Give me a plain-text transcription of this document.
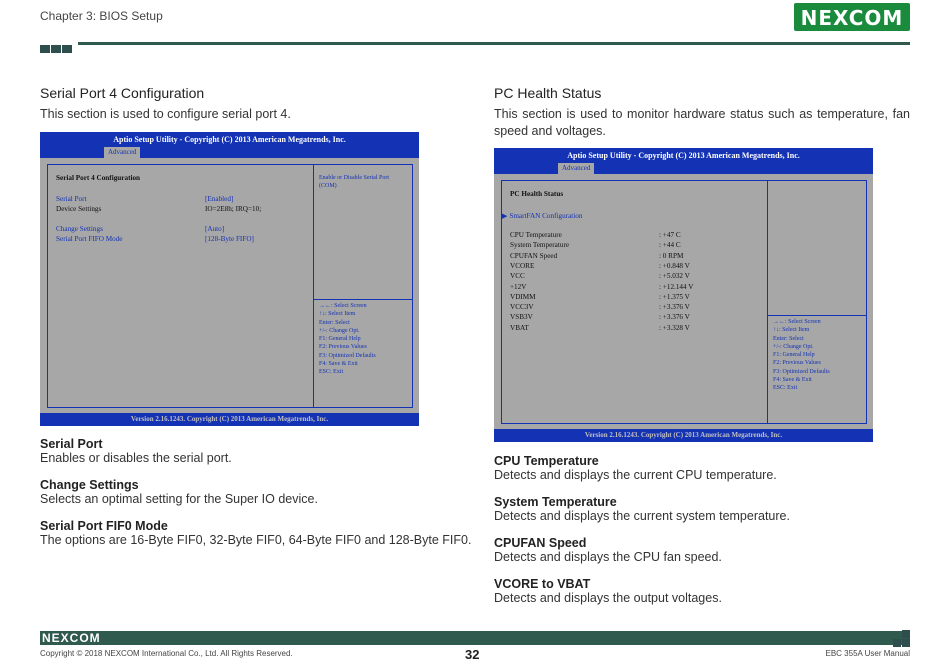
Chapter 3: BIOS Setup	NEXCOM
Serial Port 4 Configuration
This section is used to configure serial port 4.
Aptio Setup Utility - Copyright (C) 2013 American Megatrends, Inc.
Advanced
Serial Port 4 Configuration
Serial Port	[Enabled]
Device Settings	IO=2E8h; IRQ=10;
Change Settings	[Auto]
Serial Port FIFO Mode	[128-Byte FIFO]
Enable or Disable Serial Port
(COM)
→←: Select Screen
↑↓: Select Item
Enter: Select
+/-: Change Opt.
F1: General Help
F2: Previous Values
F3: Optimized Defaults
F4: Save & Exit
ESC: Exit
Version 2.16.1243. Copyright (C) 2013 American Megatrends, Inc.
Serial Port
Enables or disables the serial port.
Change Settings
Selects an optimal setting for the Super IO device.
Serial Port FIF0 Mode
The options are 16-Byte FIF0, 32-Byte FIF0, 64-Byte FIF0 and 128-Byte FIF0.
PC Health Status
This section is used to monitor hardware status such as temperature, fan
speed and voltages.
Aptio Setup Utility - Copyright (C) 2013 American Megatrends, Inc.
Advanced
PC Health Status
▶ SmartFAN Configuration
CPU Temperature	: +47 C
System Temperature	: +44 C
CPUFAN Speed	: 0 RPM
VCORE	: +0.848 V
VCC	: +5.032 V
+12V	: +12.144 V
VDIMM	: +1.375 V
VCC3V	: +3.376 V
VSB3V	: +3.376 V
VBAT	: +3.328 V
→←: Select Screen
↑↓: Select Item
Enter: Select
+/-: Change Opt.
F1: General Help
F2: Previous Values
F3: Optimized Defaults
F4: Save & Exit
ESC: Exit
Version 2.16.1243. Copyright (C) 2013 American Megatrends, Inc.
CPU Temperature
Detects and displays the current CPU temperature.
System Temperature
Detects and displays the current system temperature.
CPUFAN Speed
Detects and displays the CPU fan speed.
VCORE to VBAT
Detects and displays the output voltages.
NEXCOM
Copyright © 2018 NEXCOM International Co., Ltd. All Rights Reserved.	32	EBC 355A User Manual
